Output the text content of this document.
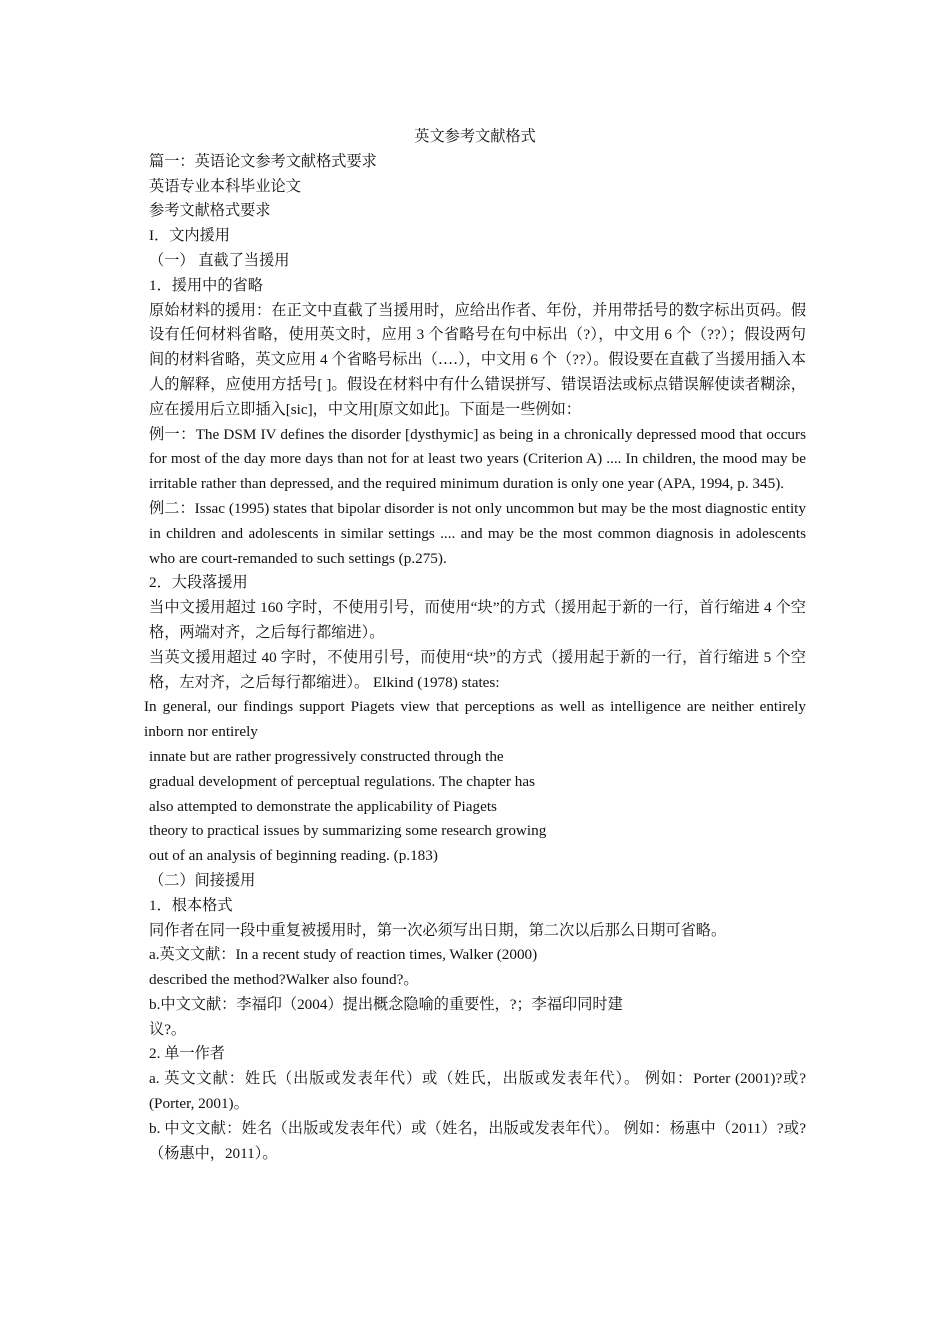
英文参考文献格式

篇一：英语论文参考文献格式要求

英语专业本科毕业论文

参考文献格式要求

I．文内援用

（一） 直截了当援用

1．援用中的省略

原始材料的援用：在正文中直截了当援用时，应给出作者、年份，并用带括号的数字标出页码。假设有任何材料省略，使用英文时，应用 3 个省略号在句中标出（?），中文用 6 个（??）；假设两句间的材料省略，英文应用 4 个省略号标出（‥‥），中文用 6 个（??）。假设要在直截了当援用插入本人的解释，应使用方括号[ ]。假设在材料中有什么错误拼写、错误语法或标点错误解使读者糊涂，应在援用后立即插入[sic]，中文用[原文如此]。下面是一些例如：

例一：The DSM IV defines the disorder [dysthymic] as being in a chronically depressed mood that occurs for most of the day more days than not for at least two years (Criterion A) .... In children, the mood may be irritable rather than depressed, and the required minimum duration is only one year (APA, 1994, p. 345).

例二：Issac (1995) states that bipolar disorder is not only uncommon but may be the most diagnostic entity in children and adolescents in similar settings .... and may be the most common diagnosis in adolescents who are court-remanded to such settings (p.275).

2．大段落援用

当中文援用超过 160 字时，不使用引号，而使用“块”的方式（援用起于新的一行，首行缩进 4 个空格，两端对齐，之后每行都缩进）。

当英文援用超过 40 字时，不使用引号，而使用“块”的方式（援用起于新的一行，首行缩进 5 个空格，左对齐，之后每行都缩进）。 Elkind (1978) states:

In general, our findings support Piagets view that perceptions as well as intelligence are neither entirely inborn nor entirely

innate but are rather progressively constructed through the

gradual development of perceptual regulations. The chapter has

also attempted to demonstrate the applicability of Piagets

theory to practical issues by summarizing some research growing

out of an analysis of beginning reading. (p.183)

（二）间接援用

1．根本格式

同作者在同一段中重复被援用时，第一次必须写出日期，第二次以后那么日期可省略。

a.英文文献：In a recent study of reaction times, Walker (2000)

described the method?Walker also found?。

b.中文文献：李福印（2004）提出概念隐喻的重要性，?；李福印同时建

议?。

2. 单一作者

a. 英文文献：姓氏（出版或发表年代）或（姓氏，出版或发表年代）。 例如：Porter (2001)?或?(Porter, 2001)。

b. 中文文献：姓名（出版或发表年代）或（姓名，出版或发表年代）。 例如：杨惠中（2011）?或?（杨惠中，2011）。
